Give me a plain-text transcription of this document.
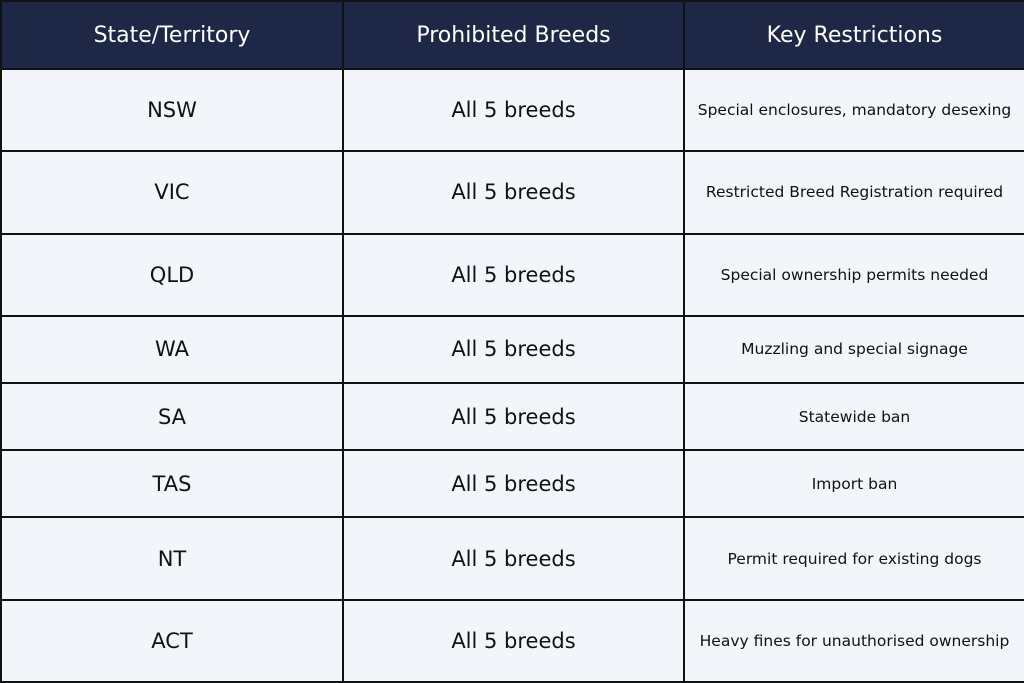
State/Territory	Prohibited Breeds	Key Restrictions
NSW	All 5 breeds	Special enclosures, mandatory desexing
VIC	All 5 breeds	Restricted Breed Registration required
QLD	All 5 breeds	Special ownership permits needed
WA	All 5 breeds	Muzzling and special signage
SA	All 5 breeds	Statewide ban
TAS	All 5 breeds	Import ban
NT	All 5 breeds	Permit required for existing dogs
ACT	All 5 breeds	Heavy fines for unauthorised ownership
